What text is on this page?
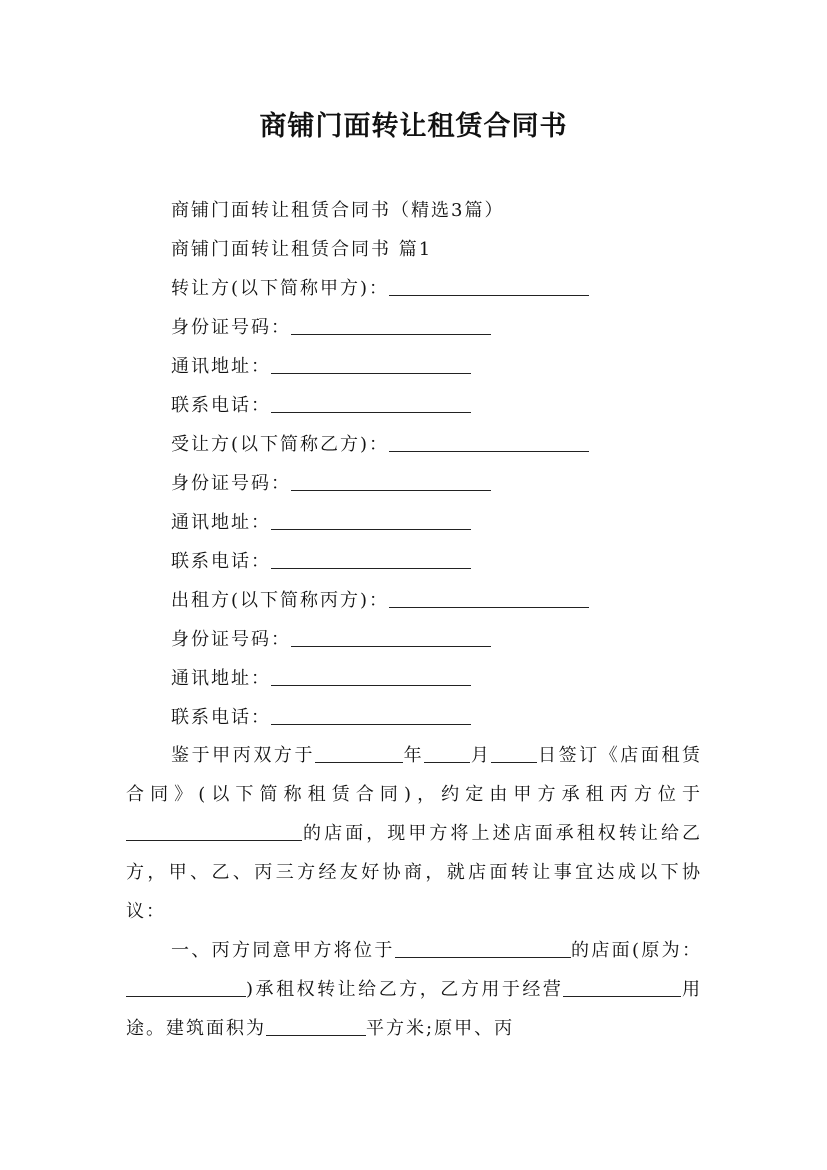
商铺门面转让租赁合同书
商铺门面转让租赁合同书（精选3篇）
商铺门面转让租赁合同书 篇1
转让方(以下简称甲方)：
身份证号码：
通讯地址：
联系电话：
受让方(以下简称乙方)：
身份证号码：
通讯地址：
联系电话：
出租方(以下简称丙方)：
身份证号码：
通讯地址：
联系电话：
鉴于甲丙双方于	年	月	日签订《店面租赁合同》(以下简称租赁合同)，约定由甲方承租丙方位于的店面，现甲方将上述店面承租权转让给乙方，甲、乙、丙三方经友好协商，就店面转让事宜达成以下协议：
一、丙方同意甲方将位于	的店面(原为：)承租权转让给乙方，乙方用于经营	用途。建筑面积为	平方米;原甲、丙
